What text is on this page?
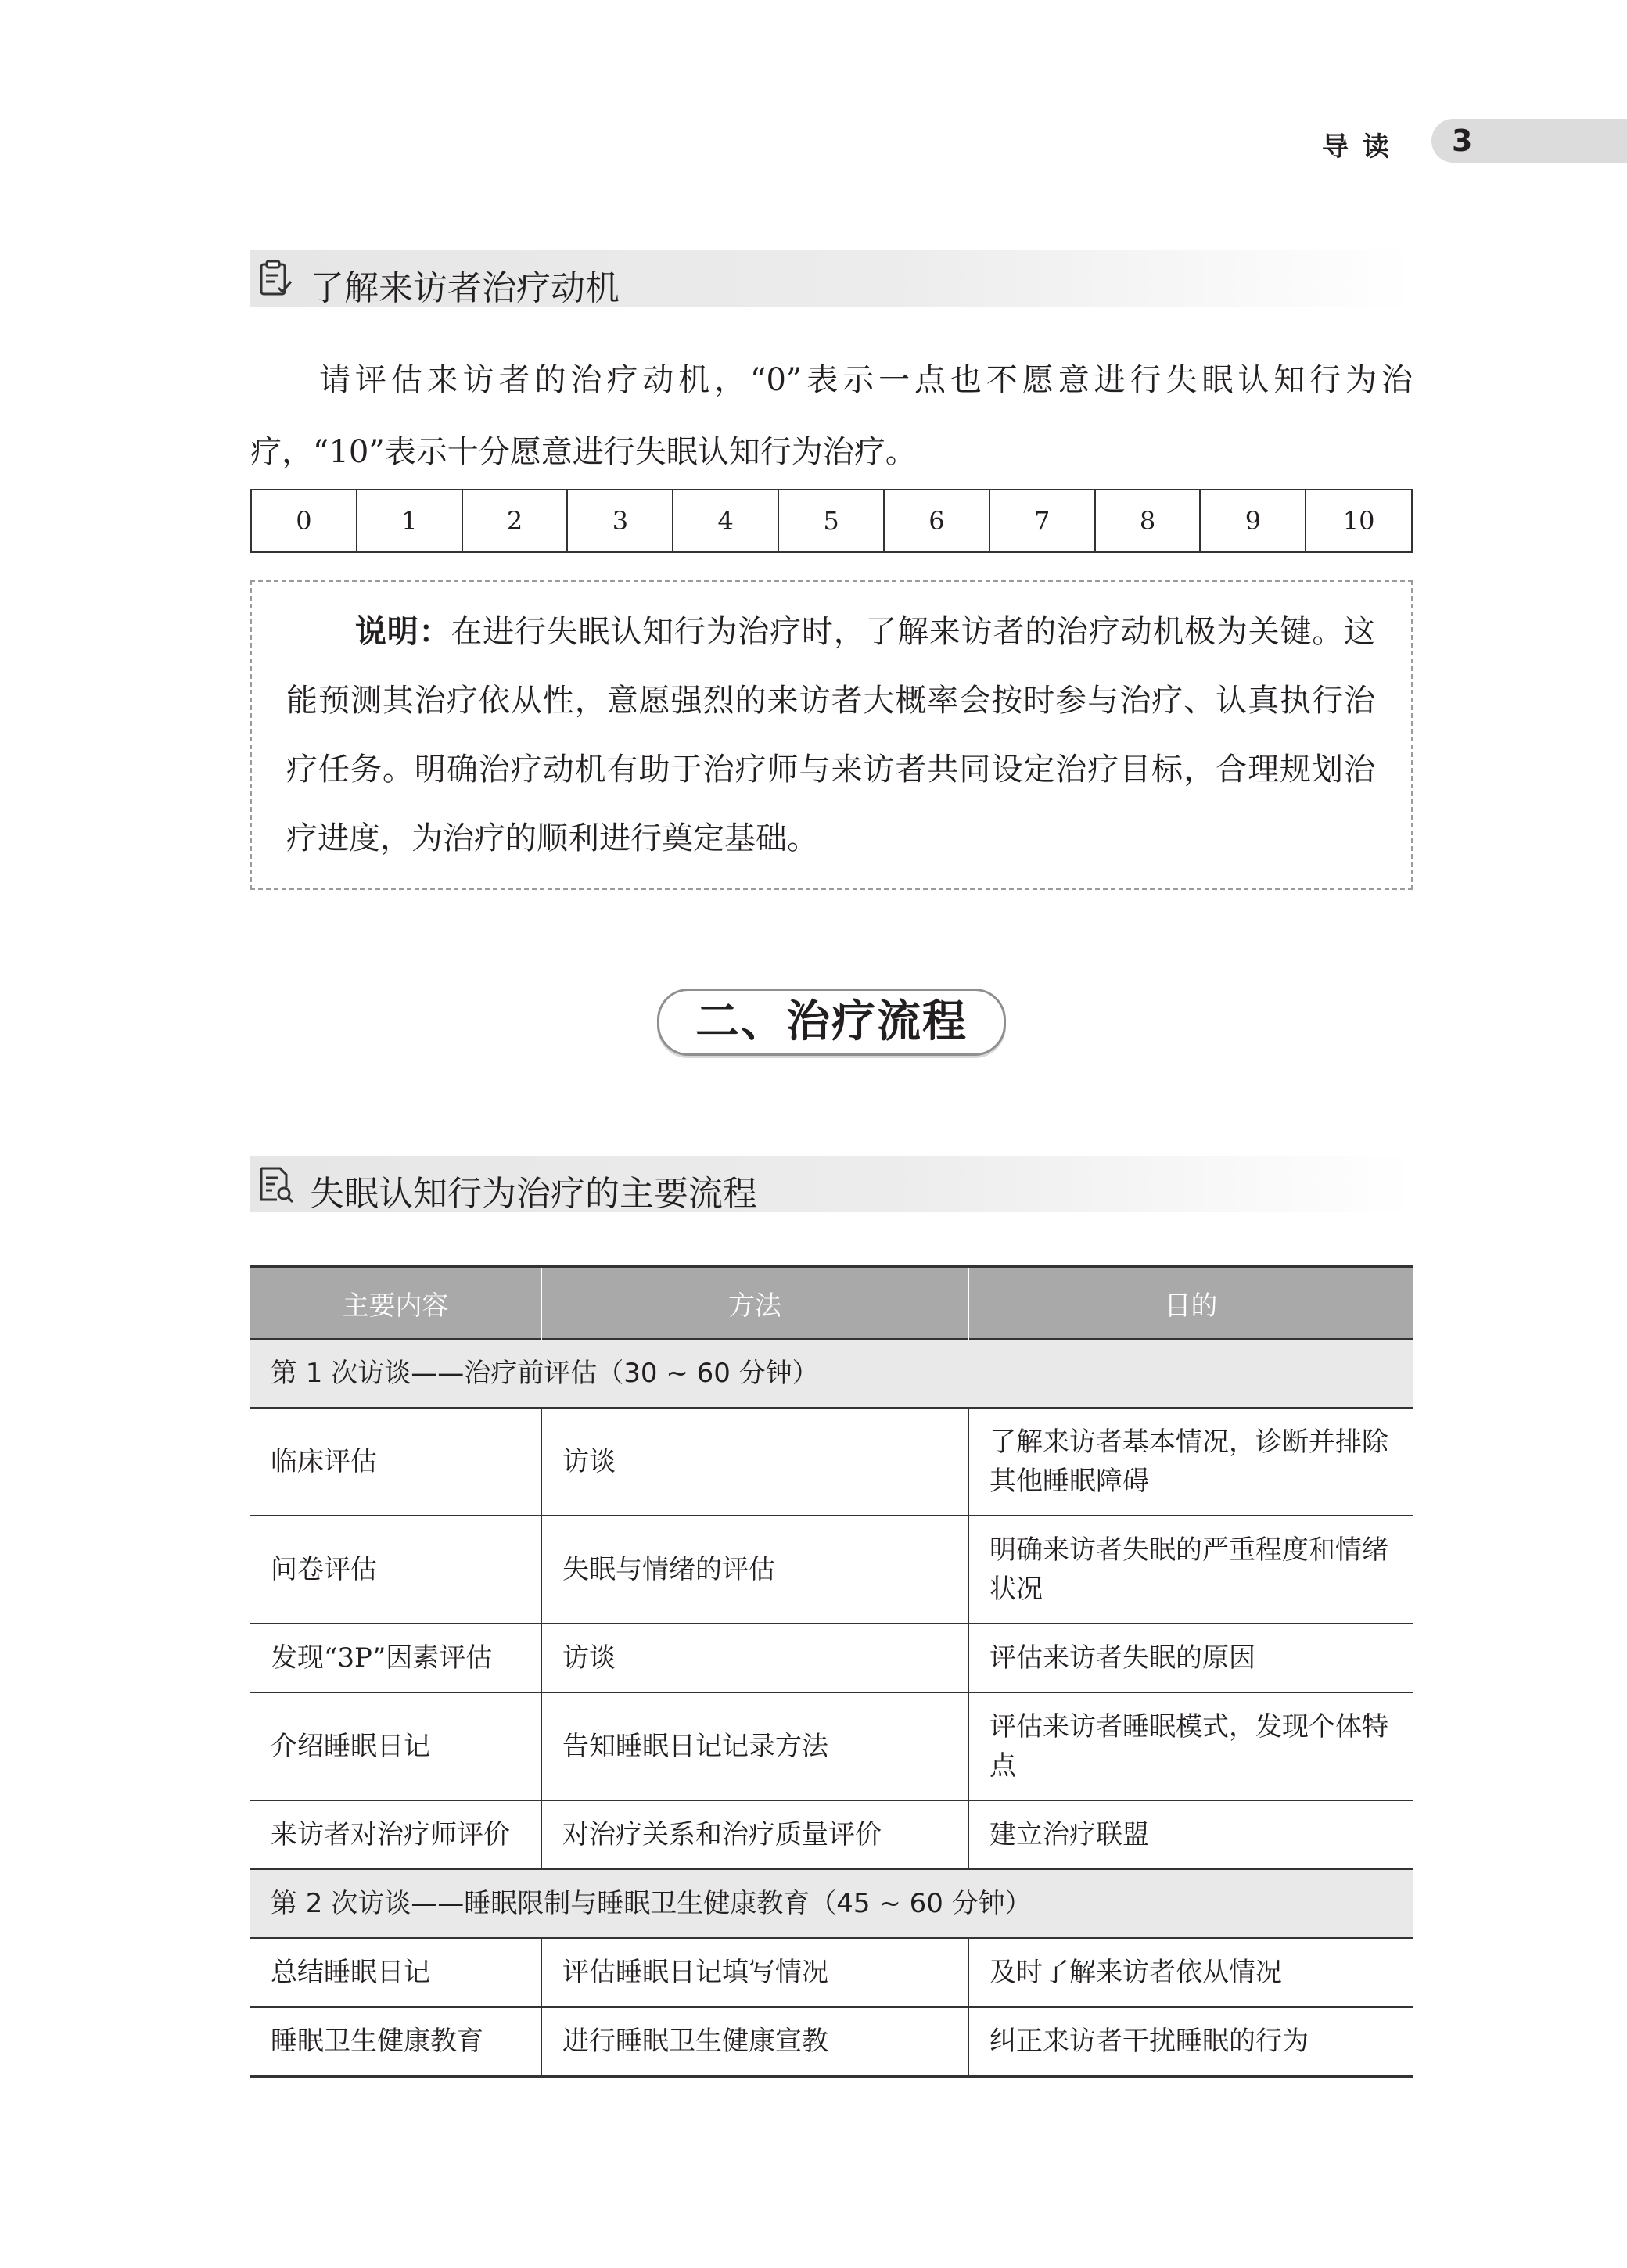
导读 3
了解来访者治疗动机

请评估来访者的治疗动机，“0”表示一点也不愿意进行失眠认知行为治疗，“10”表示十分愿意进行失眠认知行为治疗。

0	1	2	3	4	5	6	7	8	9	10

说明：在进行失眠认知行为治疗时，了解来访者的治疗动机极为关键。这能预测其治疗依从性，意愿强烈的来访者大概率会按时参与治疗、认真执行治疗任务。明确治疗动机有助于治疗师与来访者共同设定治疗目标，合理规划治疗进度，为治疗的顺利进行奠定基础。

二、治疗流程
失眠认知行为治疗的主要流程
主要内容	方法	目的
第 1 次访谈——治疗前评估（30 ~ 60 分钟）		
临床评估	访谈	了解来访者基本情况，诊断并排除其他睡眠障碍
问卷评估	失眠与情绪的评估	明确来访者失眠的严重程度和情绪状况
发现“3P”因素评估	访谈	评估来访者失眠的原因
介绍睡眠日记	告知睡眠日记记录方法	评估来访者睡眠模式，发现个体特点
来访者对治疗师评价	对治疗关系和治疗质量评价	建立治疗联盟
第 2 次访谈——睡眠限制与睡眠卫生健康教育（45 ~ 60 分钟）		
总结睡眠日记	评估睡眠日记填写情况	及时了解来访者依从情况
睡眠卫生健康教育	进行睡眠卫生健康宣教	纠正来访者干扰睡眠的行为
